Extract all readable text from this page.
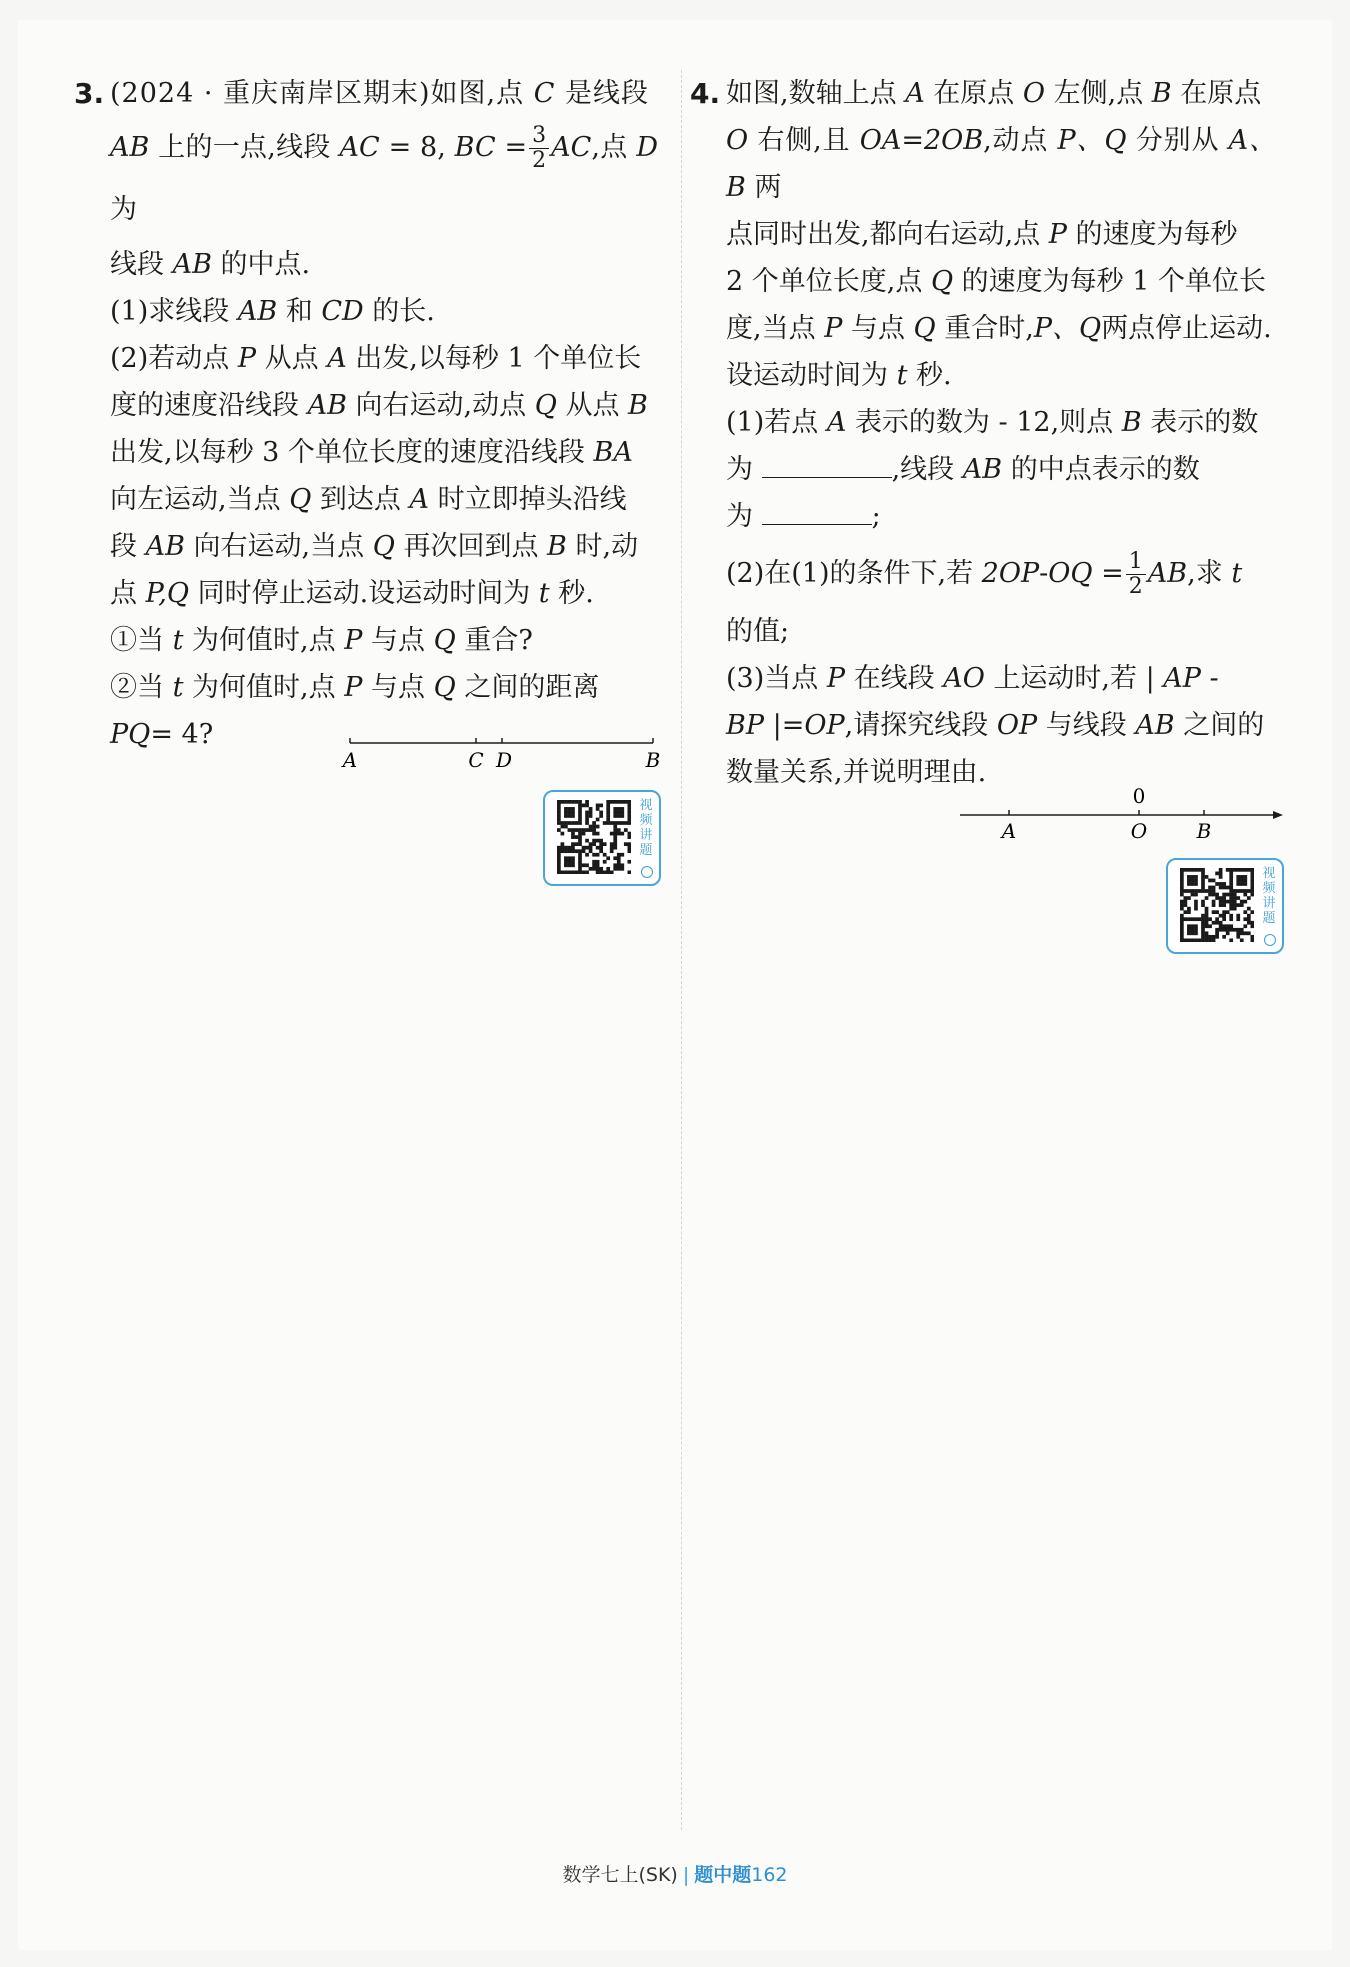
3. (2024 · 重庆南岸区期末)如图,点 C 是线段
AB 上的一点,线段 AC = 8, BC = $\frac{3}{2}$ AC,点 D 为
线段 AB 的中点.
(1)求线段 AB 和 CD 的长.
(2)若动点 P 从点 A 出发,以每秒 1 个单位长
度的速度沿线段 AB 向右运动,动点 Q 从点 B
出发,以每秒 3 个单位长度的速度沿线段 BA
向左运动,当点 Q 到达点 A 时立即掉头沿线
段 AB 向右运动,当点 Q 再次回到点 B 时,动
点 P,Q 同时停止运动.设运动时间为 t 秒.
①当 t 为何值时,点 P 与点 Q 重合?
②当 t 为何值时,点 P 与点 Q 之间的距离
PQ= 4?
A	C D	B
视频讲题
4. 如图,数轴上点 A 在原点 O 左侧,点 B 在原点
O 右侧,且 OA=2OB,动点 P、Q 分别从 A、B 两
点同时出发,都向右运动,点 P 的速度为每秒
2 个单位长度,点 Q 的速度为每秒 1 个单位长
度,当点 P 与点 Q 重合时,P、Q两点停止运动.
设运动时间为 t 秒.
(1)若点 A 表示的数为 - 12,则点 B 表示的数
为	,线段 AB 的中点表示的数
为	;
(2)在(1)的条件下,若 $2OP-OQ = \frac{1}{2}$ AB,求 t
的值;
(3)当点 P 在线段 AO 上运动时,若 | AP -
BP |=OP,请探究线段 OP 与线段 AB 之间的
数量关系,并说明理由.
0
A	O B
视频讲题
数学七上(SK) | 题中题162
